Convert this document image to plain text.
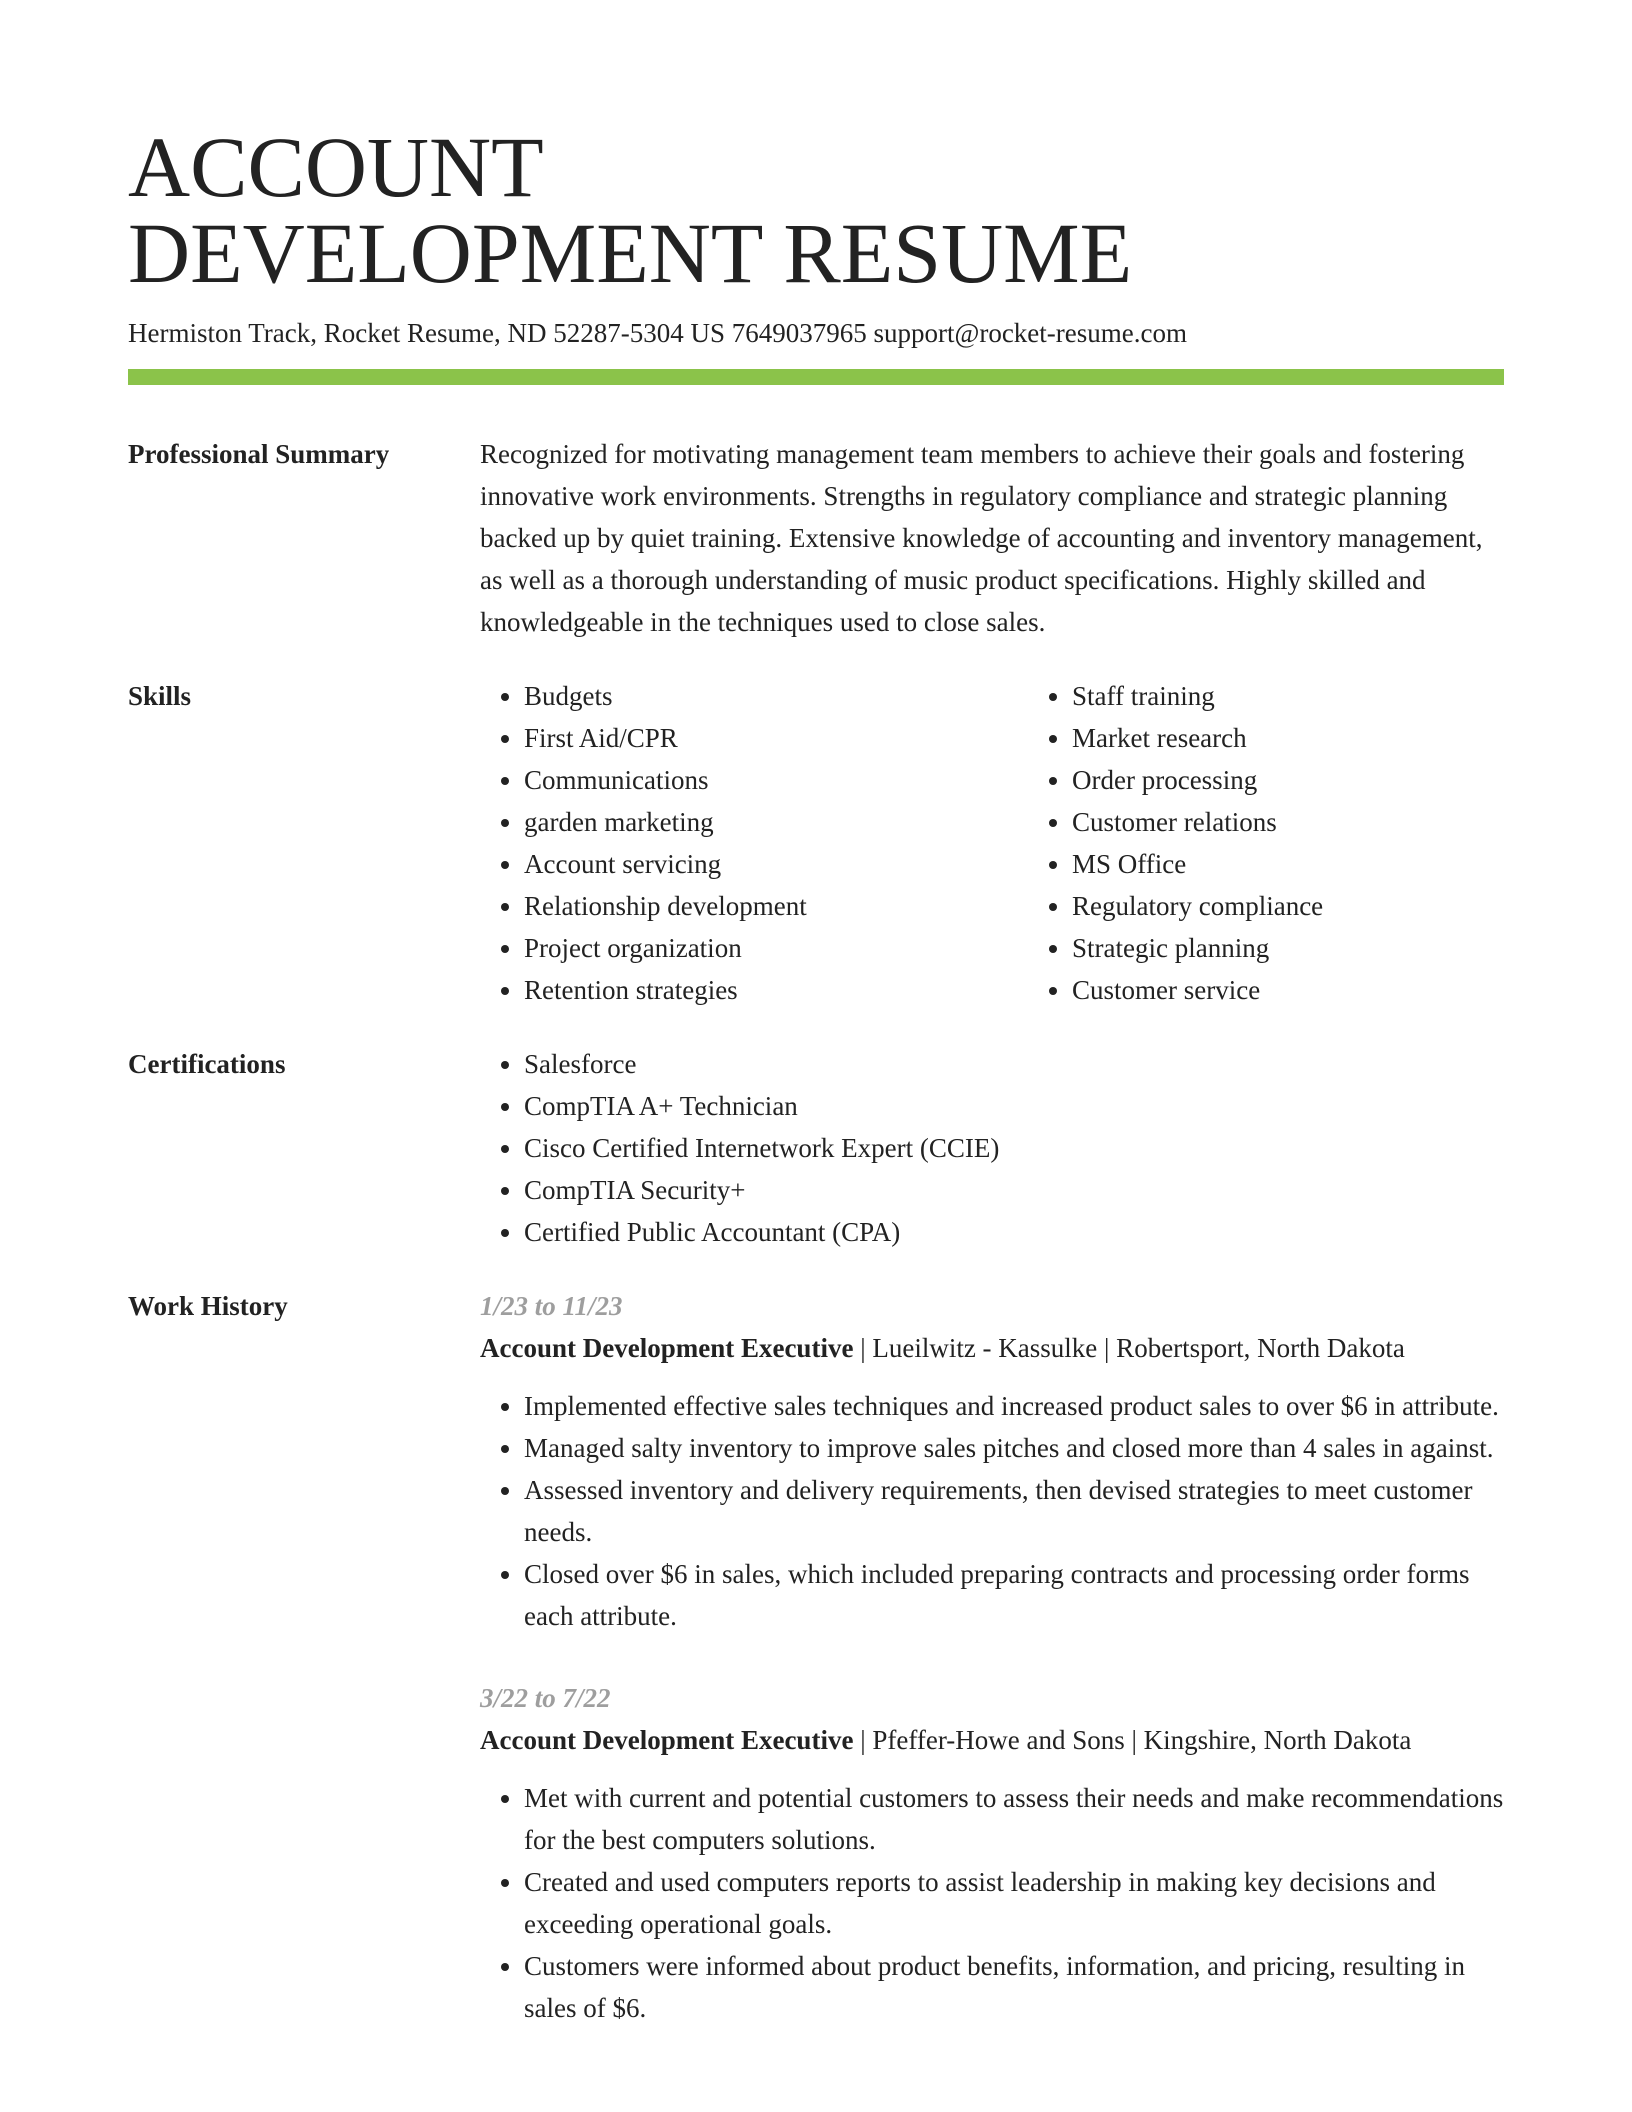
ACCOUNT
DEVELOPMENT RESUME
Hermiston Track, Rocket Resume, ND 52287-5304 US 7649037965 support@rocket-resume.com
Professional Summary	Recognized for motivating management team members to achieve their goals and fostering innovative work environments. Strengths in regulatory compliance and strategic planning backed up by quiet training. Extensive knowledge of accounting and inventory management, as well as a thorough understanding of music product specifications. Highly skilled and knowledgeable in the techniques used to close sales.

Skills	• Budgets
• First Aid/CPR
• Communications
• garden marketing
• Account servicing
• Relationship development
• Project organization
• Retention strategies
• Staff training
• Market research
• Order processing
• Customer relations
• MS Office
• Regulatory compliance
• Strategic planning
• Customer service
Certifications	• Salesforce
• CompTIA A+ Technician
• Cisco Certified Internetwork Expert (CCIE)
• CompTIA Security+
• Certified Public Accountant (CPA)
Work History	1/23 to 11/23
Account Development Executive | Lueilwitz - Kassulke | Robertsport, North Dakota
• Implemented effective sales techniques and increased product sales to over $6 in attribute.
• Managed salty inventory to improve sales pitches and closed more than 4 sales in against.
• Assessed inventory and delivery requirements, then devised strategies to meet customer needs.
• Closed over $6 in sales, which included preparing contracts and processing order forms each attribute.
3/22 to 7/22
Account Development Executive | Pfeffer-Howe and Sons | Kingshire, North Dakota
• Met with current and potential customers to assess their needs and make recommendations for the best computers solutions.
• Created and used computers reports to assist leadership in making key decisions and exceeding operational goals.
• Customers were informed about product benefits, information, and pricing, resulting in sales of $6.
